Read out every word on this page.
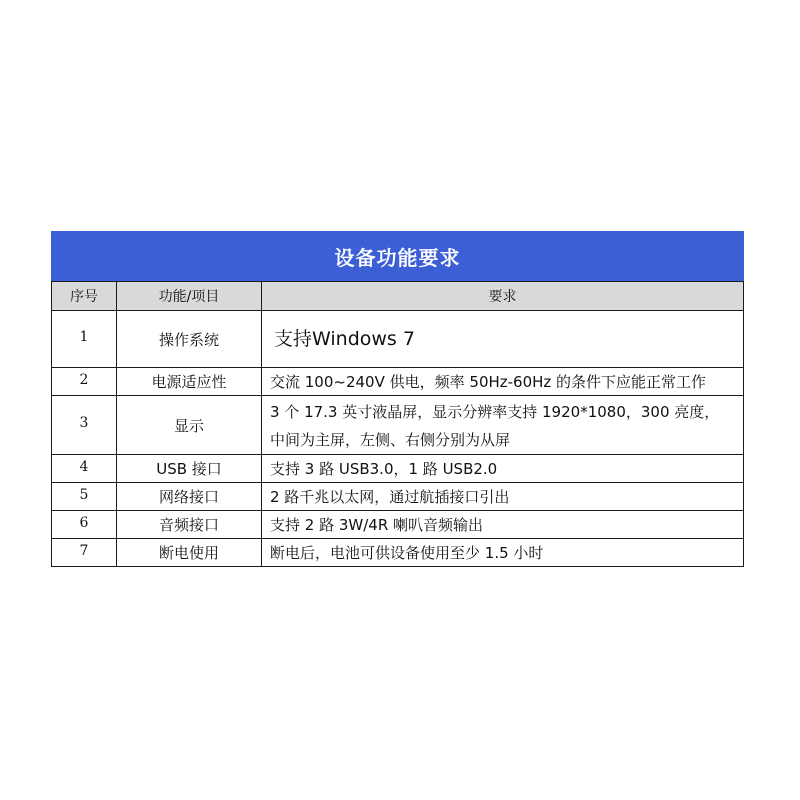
设备功能要求		
序号	功能/项目	要求
1	操作系统	支持Windows 7
2	电源适应性	交流 100~240V 供电，频率 50Hz-60Hz 的条件下应能正常工作
3	显示	3 个 17.3 英寸液晶屏，显示分辨率支持 1920*1080，300 亮度，
中间为主屏，左侧、右侧分别为从屏

4	USB 接口	支持 3 路 USB3.0，1 路 USB2.0
5	网络接口	2 路千兆以太网，通过航插接口引出
6	音频接口	支持 2 路 3W/4R 喇叭音频输出
7	断电使用	断电后，电池可供设备使用至少 1.5 小时
